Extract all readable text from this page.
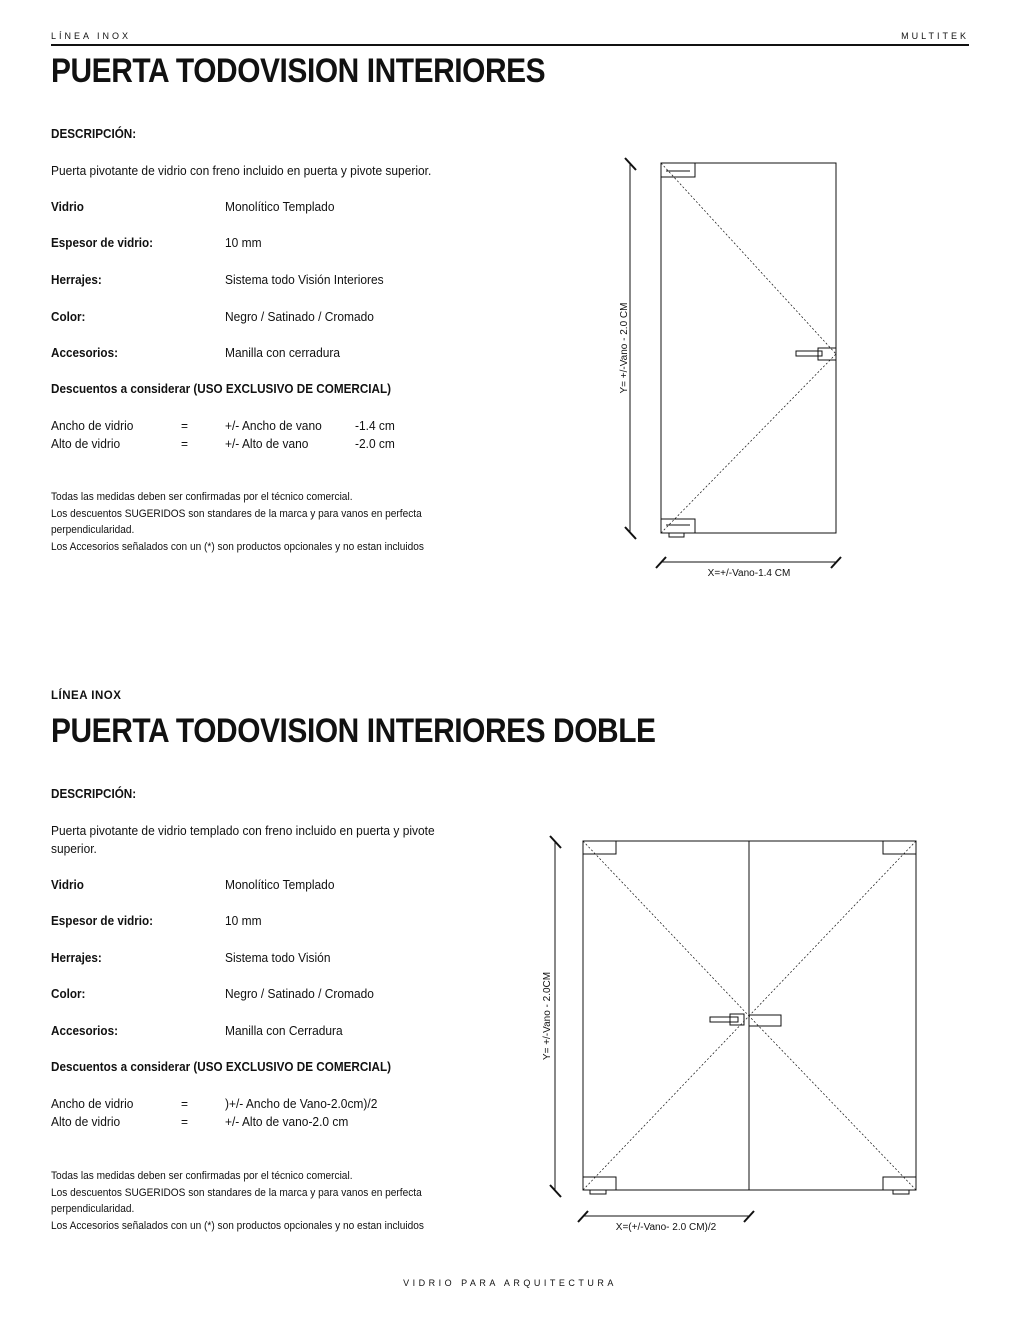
LÍNEA INOX	MULTITEK
PUERTA TODOVISION INTERIORES
DESCRIPCIÓN:
Puerta pivotante de vidrio con freno incluido en puerta y pivote superior.
Vidrio	Monolítico Templado
Espesor de vidrio:	10 mm
Herrajes:	Sistema todo Visión Interiores
Color:	Negro / Satinado / Cromado
Accesorios:	Manilla con cerradura
Descuentos a considerar (USO EXCLUSIVO DE COMERCIAL)
Ancho de vidrio	=	+/- Ancho de vano	-1.4 cm
Alto de vidrio	=	+/- Alto de vano	-2.0 cm
Todas las medidas deben ser confirmadas por el técnico comercial.
Los descuentos SUGERIDOS son standares de la marca y para vanos en perfecta perpendicularidad.
Los Accesorios señalados con un (*) son productos opcionales y no estan incluidos
Y= +/-Vano - 2.0 CM
X=+/-Vano-1.4 CM
LÍNEA INOX
PUERTA TODOVISION INTERIORES DOBLE
DESCRIPCIÓN:
Puerta pivotante de vidrio templado con freno incluido en puerta y pivote
superior.
Vidrio	Monolítico Templado
Espesor de vidrio:	10 mm
Herrajes:	Sistema todo Visión
Color:	Negro / Satinado / Cromado
Accesorios:	Manilla con Cerradura
Descuentos a considerar (USO EXCLUSIVO DE COMERCIAL)
Ancho de vidrio	=	)+/- Ancho de Vano-2.0cm)/2
Alto de vidrio	=	+/- Alto de vano-2.0 cm
Todas las medidas deben ser confirmadas por el técnico comercial.
Los descuentos SUGERIDOS son standares de la marca y para vanos en perfecta perpendicularidad.
Los Accesorios señalados con un (*) son productos opcionales y no estan incluidos
Y= +/-Vano - 2.0CM
X=(+/-Vano- 2.0 CM)/2
VIDRIO PARA ARQUITECTURA
